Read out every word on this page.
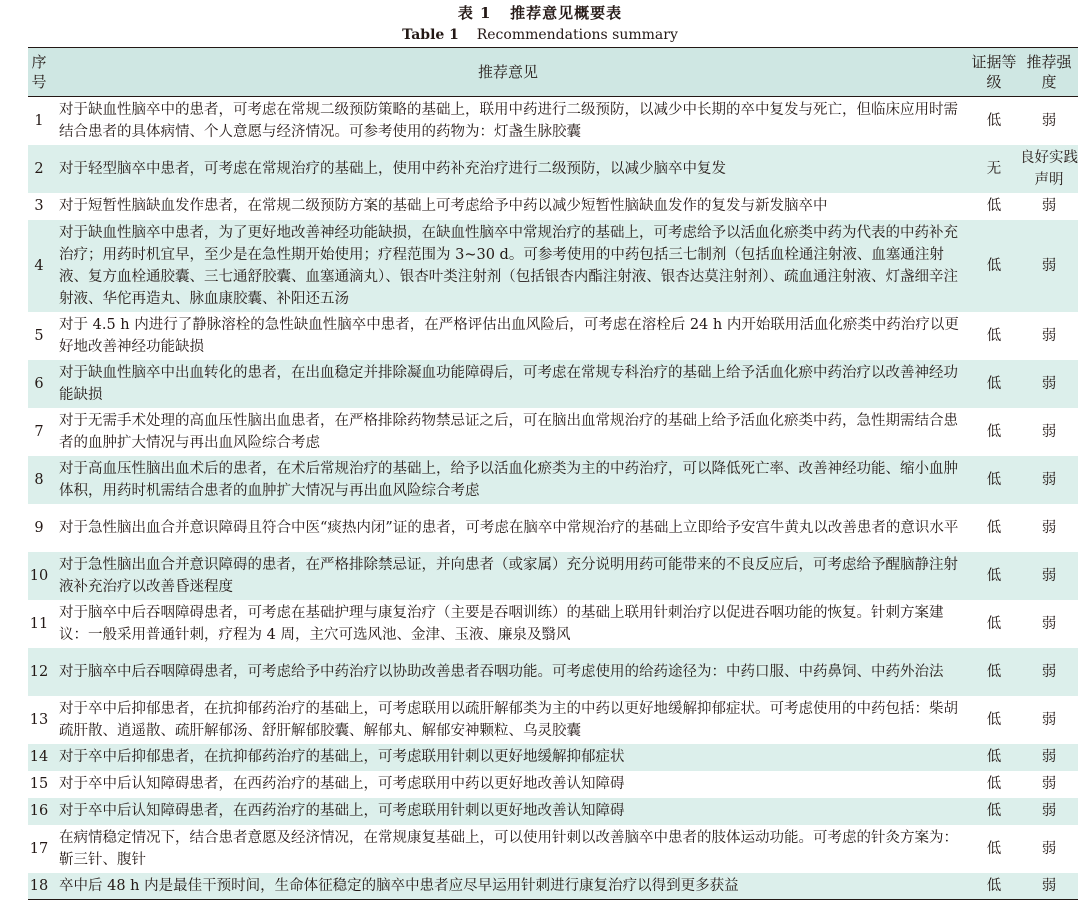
表 1 推荐意见概要表
Table 1 Recommendations summary
序号	推荐意见	证据等级	推荐强度
1	对于缺血性脑卒中的患者，可考虑在常规二级预防策略的基础上，联用中药进行二级预防，以减少中长期的卒中复发与死亡，但临床应用时需结合患者的具体病情、个人意愿与经济情况。可参考使用的药物为：灯盏生脉胶囊	低	弱
2	对于轻型脑卒中患者，可考虑在常规治疗的基础上，使用中药补充治疗进行二级预防，以减少脑卒中复发	无	良好实践声明
3	对于短暂性脑缺血发作患者，在常规二级预防方案的基础上可考虑给予中药以减少短暂性脑缺血发作的复发与新发脑卒中	低	弱
4	对于缺血性脑卒中患者，为了更好地改善神经功能缺损，在缺血性脑卒中常规治疗的基础上，可考虑给予以活血化瘀类中药为代表的中药补充治疗；用药时机宜早，至少是在急性期开始使用；疗程范围为 3~30 d。可参考使用的中药包括三七制剂（包括血栓通注射液、血塞通注射液、复方血栓通胶囊、三七通舒胶囊、血塞通滴丸）、银杏叶类注射剂（包括银杏内酯注射液、银杏达莫注射剂）、疏血通注射液、灯盏细辛注射液、华佗再造丸、脉血康胶囊、补阳还五汤	低	弱
5	对于 4.5 h 内进行了静脉溶栓的急性缺血性脑卒中患者，在严格评估出血风险后，可考虑在溶栓后 24 h 内开始联用活血化瘀类中药治疗以更好地改善神经功能缺损	低	弱
6	对于缺血性脑卒中出血转化的患者，在出血稳定并排除凝血功能障碍后，可考虑在常规专科治疗的基础上给予活血化瘀中药治疗以改善神经功能缺损	低	弱
7	对于无需手术处理的高血压性脑出血患者，在严格排除药物禁忌证之后，可在脑出血常规治疗的基础上给予活血化瘀类中药，急性期需结合患者的血肿扩大情况与再出血风险综合考虑	低	弱
8	对于高血压性脑出血术后的患者，在术后常规治疗的基础上，给予以活血化瘀类为主的中药治疗，可以降低死亡率、改善神经功能、缩小血肿体积，用药时机需结合患者的血肿扩大情况与再出血风险综合考虑	低	弱
9	对于急性脑出血合并意识障碍且符合中医“痰热内闭”证的患者，可考虑在脑卒中常规治疗的基础上立即给予安宫牛黄丸以改善患者的意识水平	低	弱
10	对于急性脑出血合并意识障碍的患者，在严格排除禁忌证，并向患者（或家属）充分说明用药可能带来的不良反应后，可考虑给予醒脑静注射液补充治疗以改善昏迷程度	低	弱
11	对于脑卒中后吞咽障碍患者，可考虑在基础护理与康复治疗（主要是吞咽训练）的基础上联用针刺治疗以促进吞咽功能的恢复。针刺方案建议：一般采用普通针刺，疗程为 4 周，主穴可选风池、金津、玉液、廉泉及翳风	低	弱
12	对于脑卒中后吞咽障碍患者，可考虑给予中药治疗以协助改善患者吞咽功能。可考虑使用的给药途径为：中药口服、中药鼻饲、中药外治法	低	弱
13	对于卒中后抑郁患者，在抗抑郁药治疗的基础上，可考虑联用以疏肝解郁类为主的中药以更好地缓解抑郁症状。可考虑使用的中药包括：柴胡疏肝散、逍遥散、疏肝解郁汤、舒肝解郁胶囊、解郁丸、解郁安神颗粒、乌灵胶囊	低	弱
14	对于卒中后抑郁患者，在抗抑郁药治疗的基础上，可考虑联用针刺以更好地缓解抑郁症状	低	弱
15	对于卒中后认知障碍患者，在西药治疗的基础上，可考虑联用中药以更好地改善认知障碍	低	弱
16	对于卒中后认知障碍患者，在西药治疗的基础上，可考虑联用针刺以更好地改善认知障碍	低	弱
17	在病情稳定情况下，结合患者意愿及经济情况，在常规康复基础上，可以使用针刺以改善脑卒中患者的肢体运动功能。可考虑的针灸方案为：靳三针、腹针	低	弱
18	卒中后 48 h 内是最佳干预时间，生命体征稳定的脑卒中患者应尽早运用针刺进行康复治疗以得到更多获益	低	弱
